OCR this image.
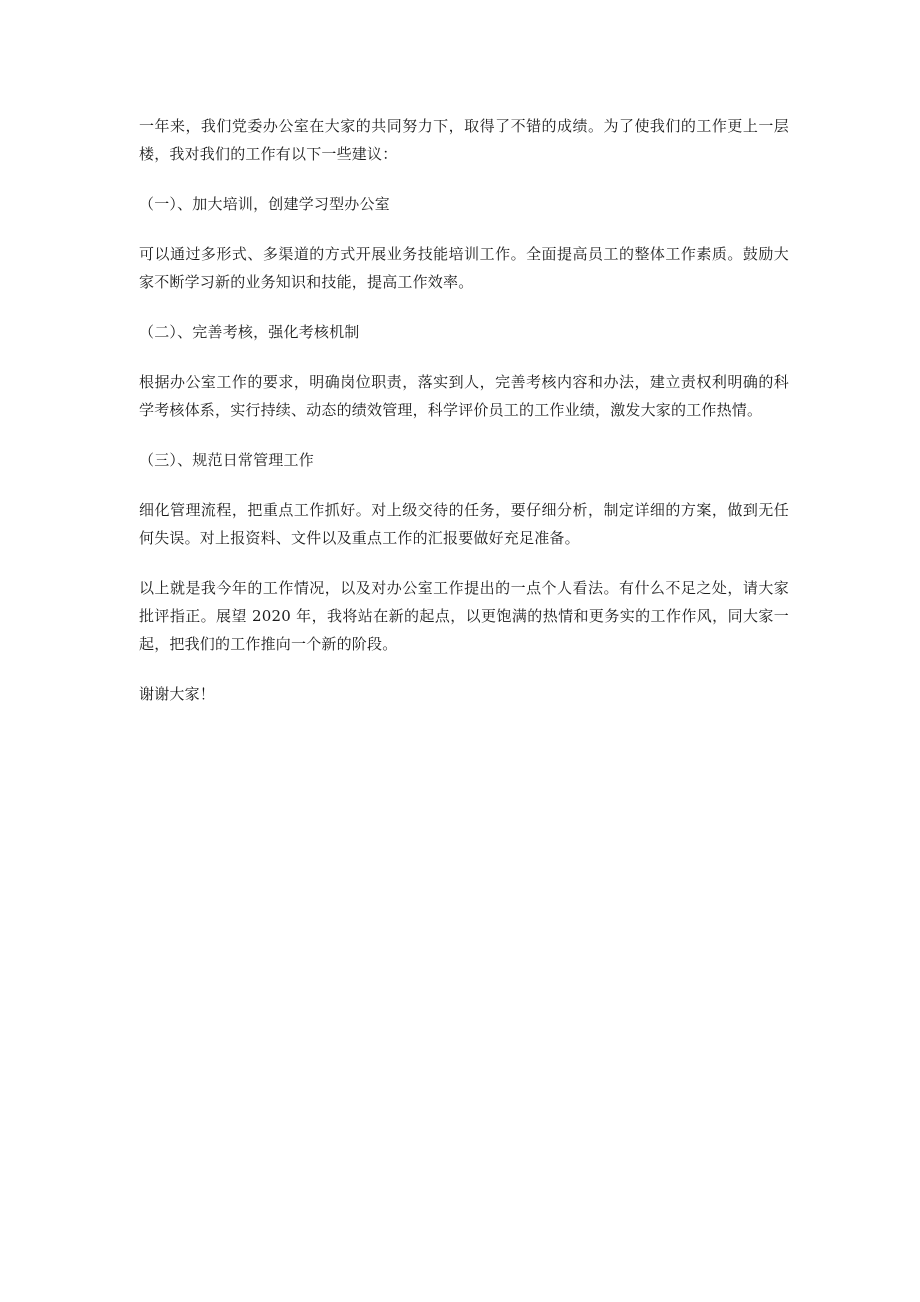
一年来，我们党委办公室在大家的共同努力下，取得了不错的成绩。为了使我们的工作更上一层楼，我对我们的工作有以下一些建议：

（一）、加大培训，创建学习型办公室

可以通过多形式、多渠道的方式开展业务技能培训工作。全面提高员工的整体工作素质。鼓励大家不断学习新的业务知识和技能，提高工作效率。

（二）、完善考核，强化考核机制

根据办公室工作的要求，明确岗位职责，落实到人，完善考核内容和办法，建立责权利明确的科学考核体系，实行持续、动态的绩效管理，科学评价员工的工作业绩，激发大家的工作热情。

（三）、规范日常管理工作

细化管理流程，把重点工作抓好。对上级交待的任务，要仔细分析，制定详细的方案，做到无任何失误。对上报资料、文件以及重点工作的汇报要做好充足准备。

以上就是我今年的工作情况，以及对办公室工作提出的一点个人看法。有什么不足之处，请大家批评指正。展望 2020 年，我将站在新的起点，以更饱满的热情和更务实的工作作风，同大家一起，把我们的工作推向一个新的阶段。

谢谢大家！
